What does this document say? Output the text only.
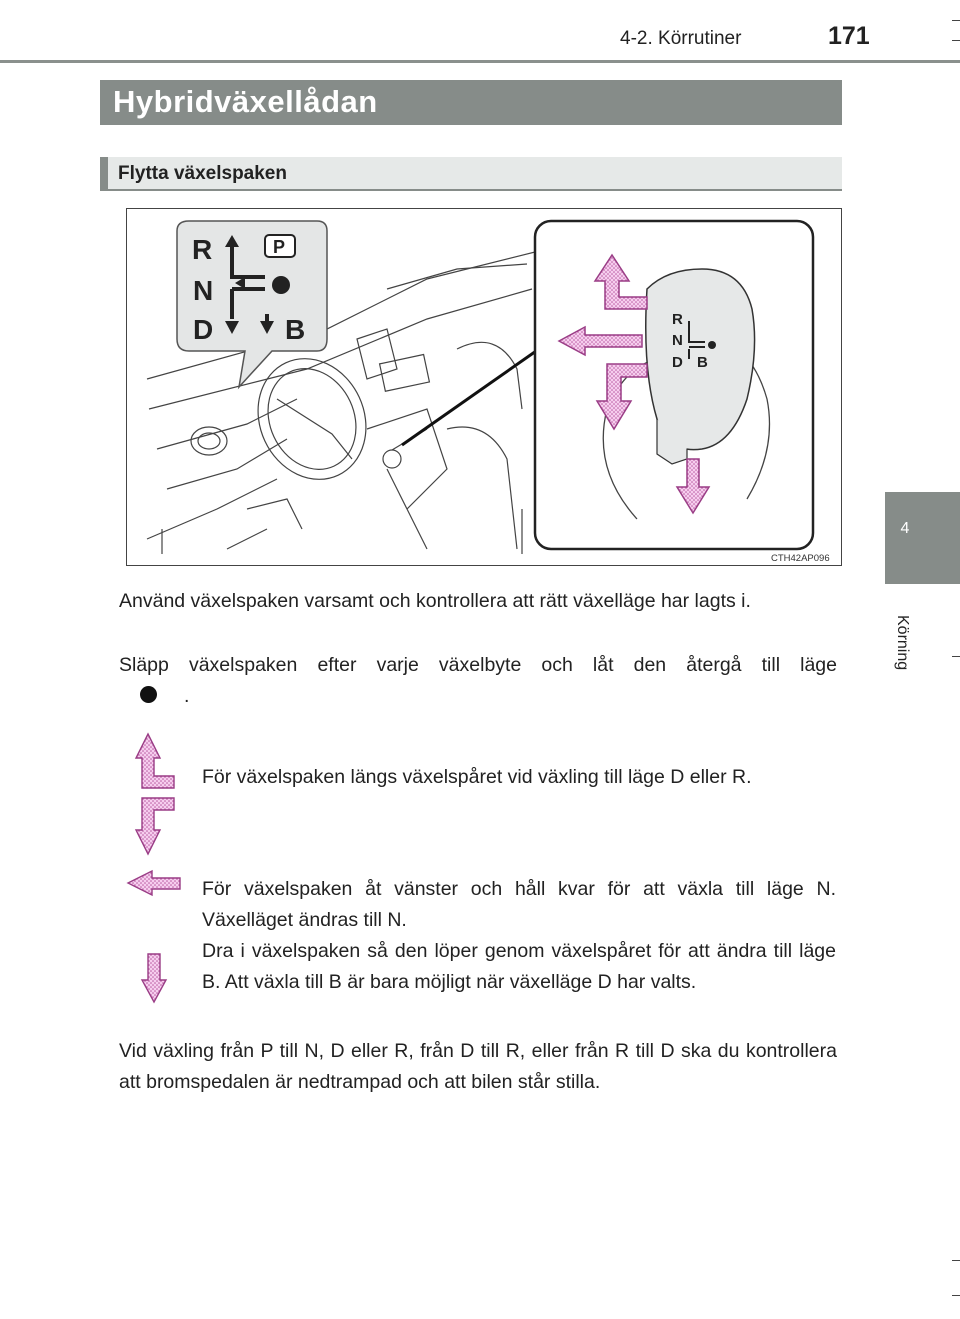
4-2. Körrutiner	171
4
Körning
Hybridväxellådan
Flytta växelspaken
R
N
D	B
P
R
N
D B
CTH42AP096
Använd växelspaken varsamt och kontrollera att rätt växelläge har lagts i.
Släpp växelspaken efter varje växelbyte och låt den återgå till läge
.
För växelspaken längs växelspåret vid växling till läge D eller R.
För växelspaken åt vänster och håll kvar för att växla till läge N. Växelläget ändras till N.
Dra i växelspaken så den löper genom växelspåret för att ändra till läge B. Att växla till B är bara möjligt när växelläge D har valts.
Vid växling från P till N, D eller R, från D till R, eller från R till D ska du kontrollera att bromspedalen är nedtrampad och att bilen står stilla.
